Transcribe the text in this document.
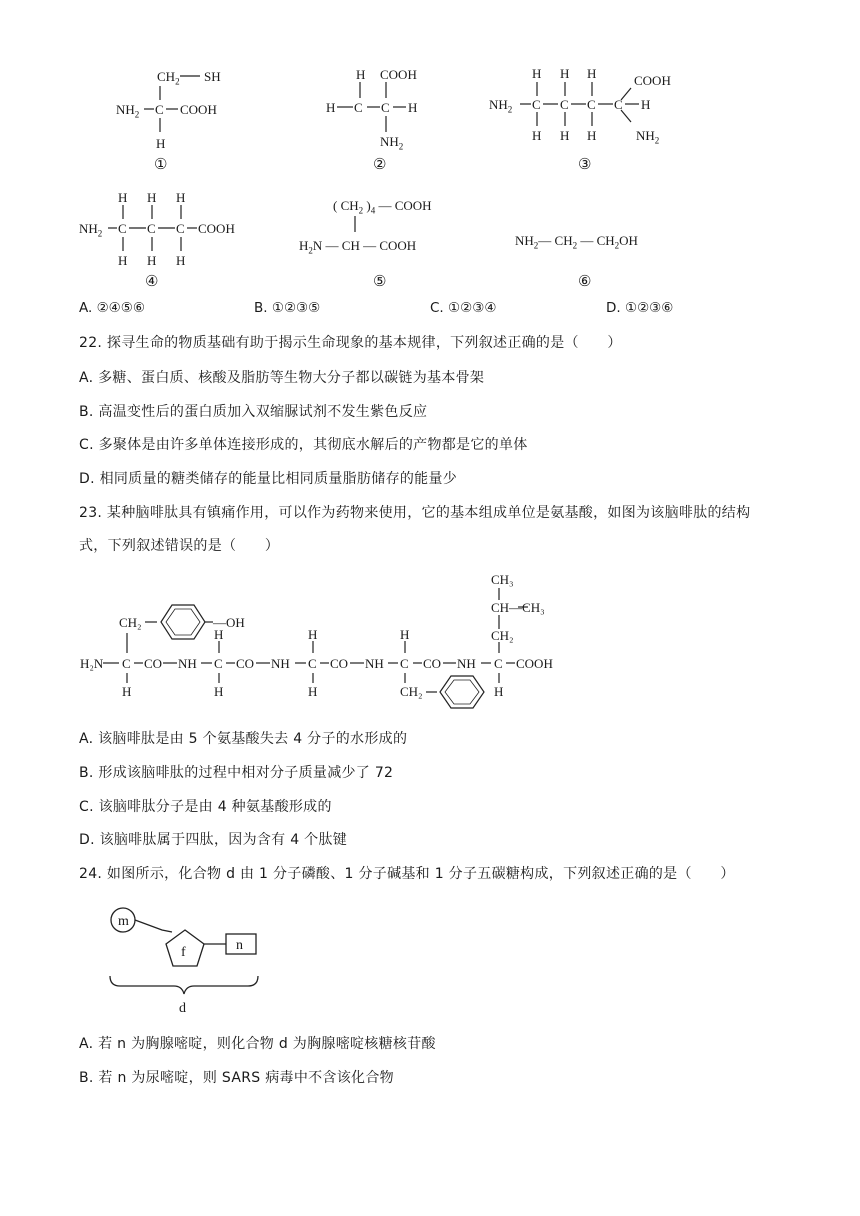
$CH_2$ SH
$NH_2$ C COOH
H
①
H COOH
H C C H
$NH_2$
②
H H H	COOH
$NH_2$ C C C C H
H H H	$NH_2$
③
H H H
$NH_2$ C C C COOH
H H H
④
( $CH_2$ )$_4$ — COOH
$H_2N$ — CH — COOH
⑤
$NH_2—$ $CH_2$ — $CH_2OH$
⑥
A. ②④⑤⑥	B. ①②③⑤	C. ①②③④	D. ①②③⑥
22. 探寻生命的物质基础有助于揭示生命现象的基本规律，下列叙述正确的是（　　）
A. 多糖、蛋白质、核酸及脂肪等生物大分子都以碳链为基本骨架
B. 高温变性后的蛋白质加入双缩脲试剂不发生紫色反应
C. 多聚体是由许多单体连接形成的，其彻底水解后的产物都是它的单体
D. 相同质量的糖类储存的能量比相同质量脂肪储存的能量少
23. 某种脑啡肽具有镇痛作用，可以作为药物来使用，它的基本组成单位是氨基酸，如图为该脑啡肽的结构
式，下列叙述错误的是（　　）
H₂N C CO NH C CO NH C CO NH C CO NH C COOH
H	H	H	CH₂	H
H	H	H
CH₂	—OH
CH₂
CH—CH₃
CH₃
A. 该脑啡肽是由 5 个氨基酸失去 4 分子的水形成的
B. 形成该脑啡肽的过程中相对分子质量减少了 72
C. 该脑啡肽分子是由 4 种氨基酸形成的
D. 该脑啡肽属于四肽，因为含有 4 个肽键
24. 如图所示，化合物 d 由 1 分子磷酸、1 分子碱基和 1 分子五碳糖构成，下列叙述正确的是（　　）
m
f	n
d
A. 若 n 为胸腺嘧啶，则化合物 d 为胸腺嘧啶核糖核苷酸
B. 若 n 为尿嘧啶，则 SARS 病毒中不含该化合物
